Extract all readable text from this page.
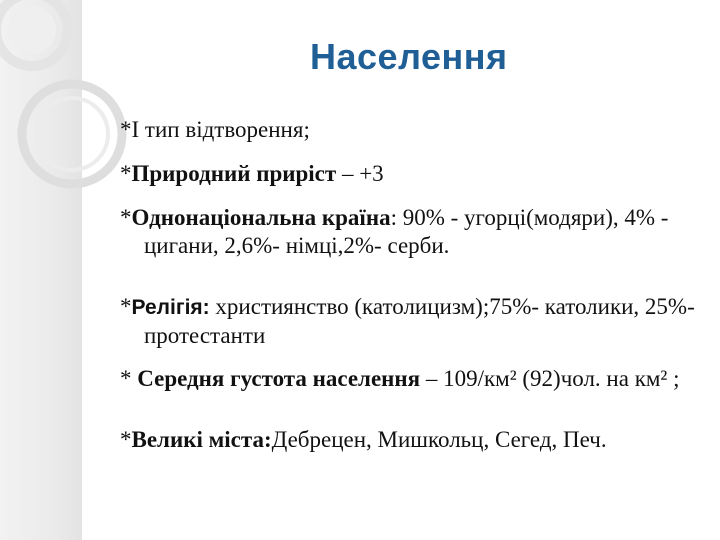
Населення

*І тип відтворення;

*Природний приріст – +3

*Однонаціональна країна: 90% - угорці(модяри), 4% - цигани, 2,6%- німці,2%- серби.

*Релігія: християнство (католицизм);75%- католики, 25%-протестанти

* Середня густота населення – 109/км² (92)чол. на км² ;

*Великі міста:Дебрецен, Мишкольц, Сегед, Печ.
